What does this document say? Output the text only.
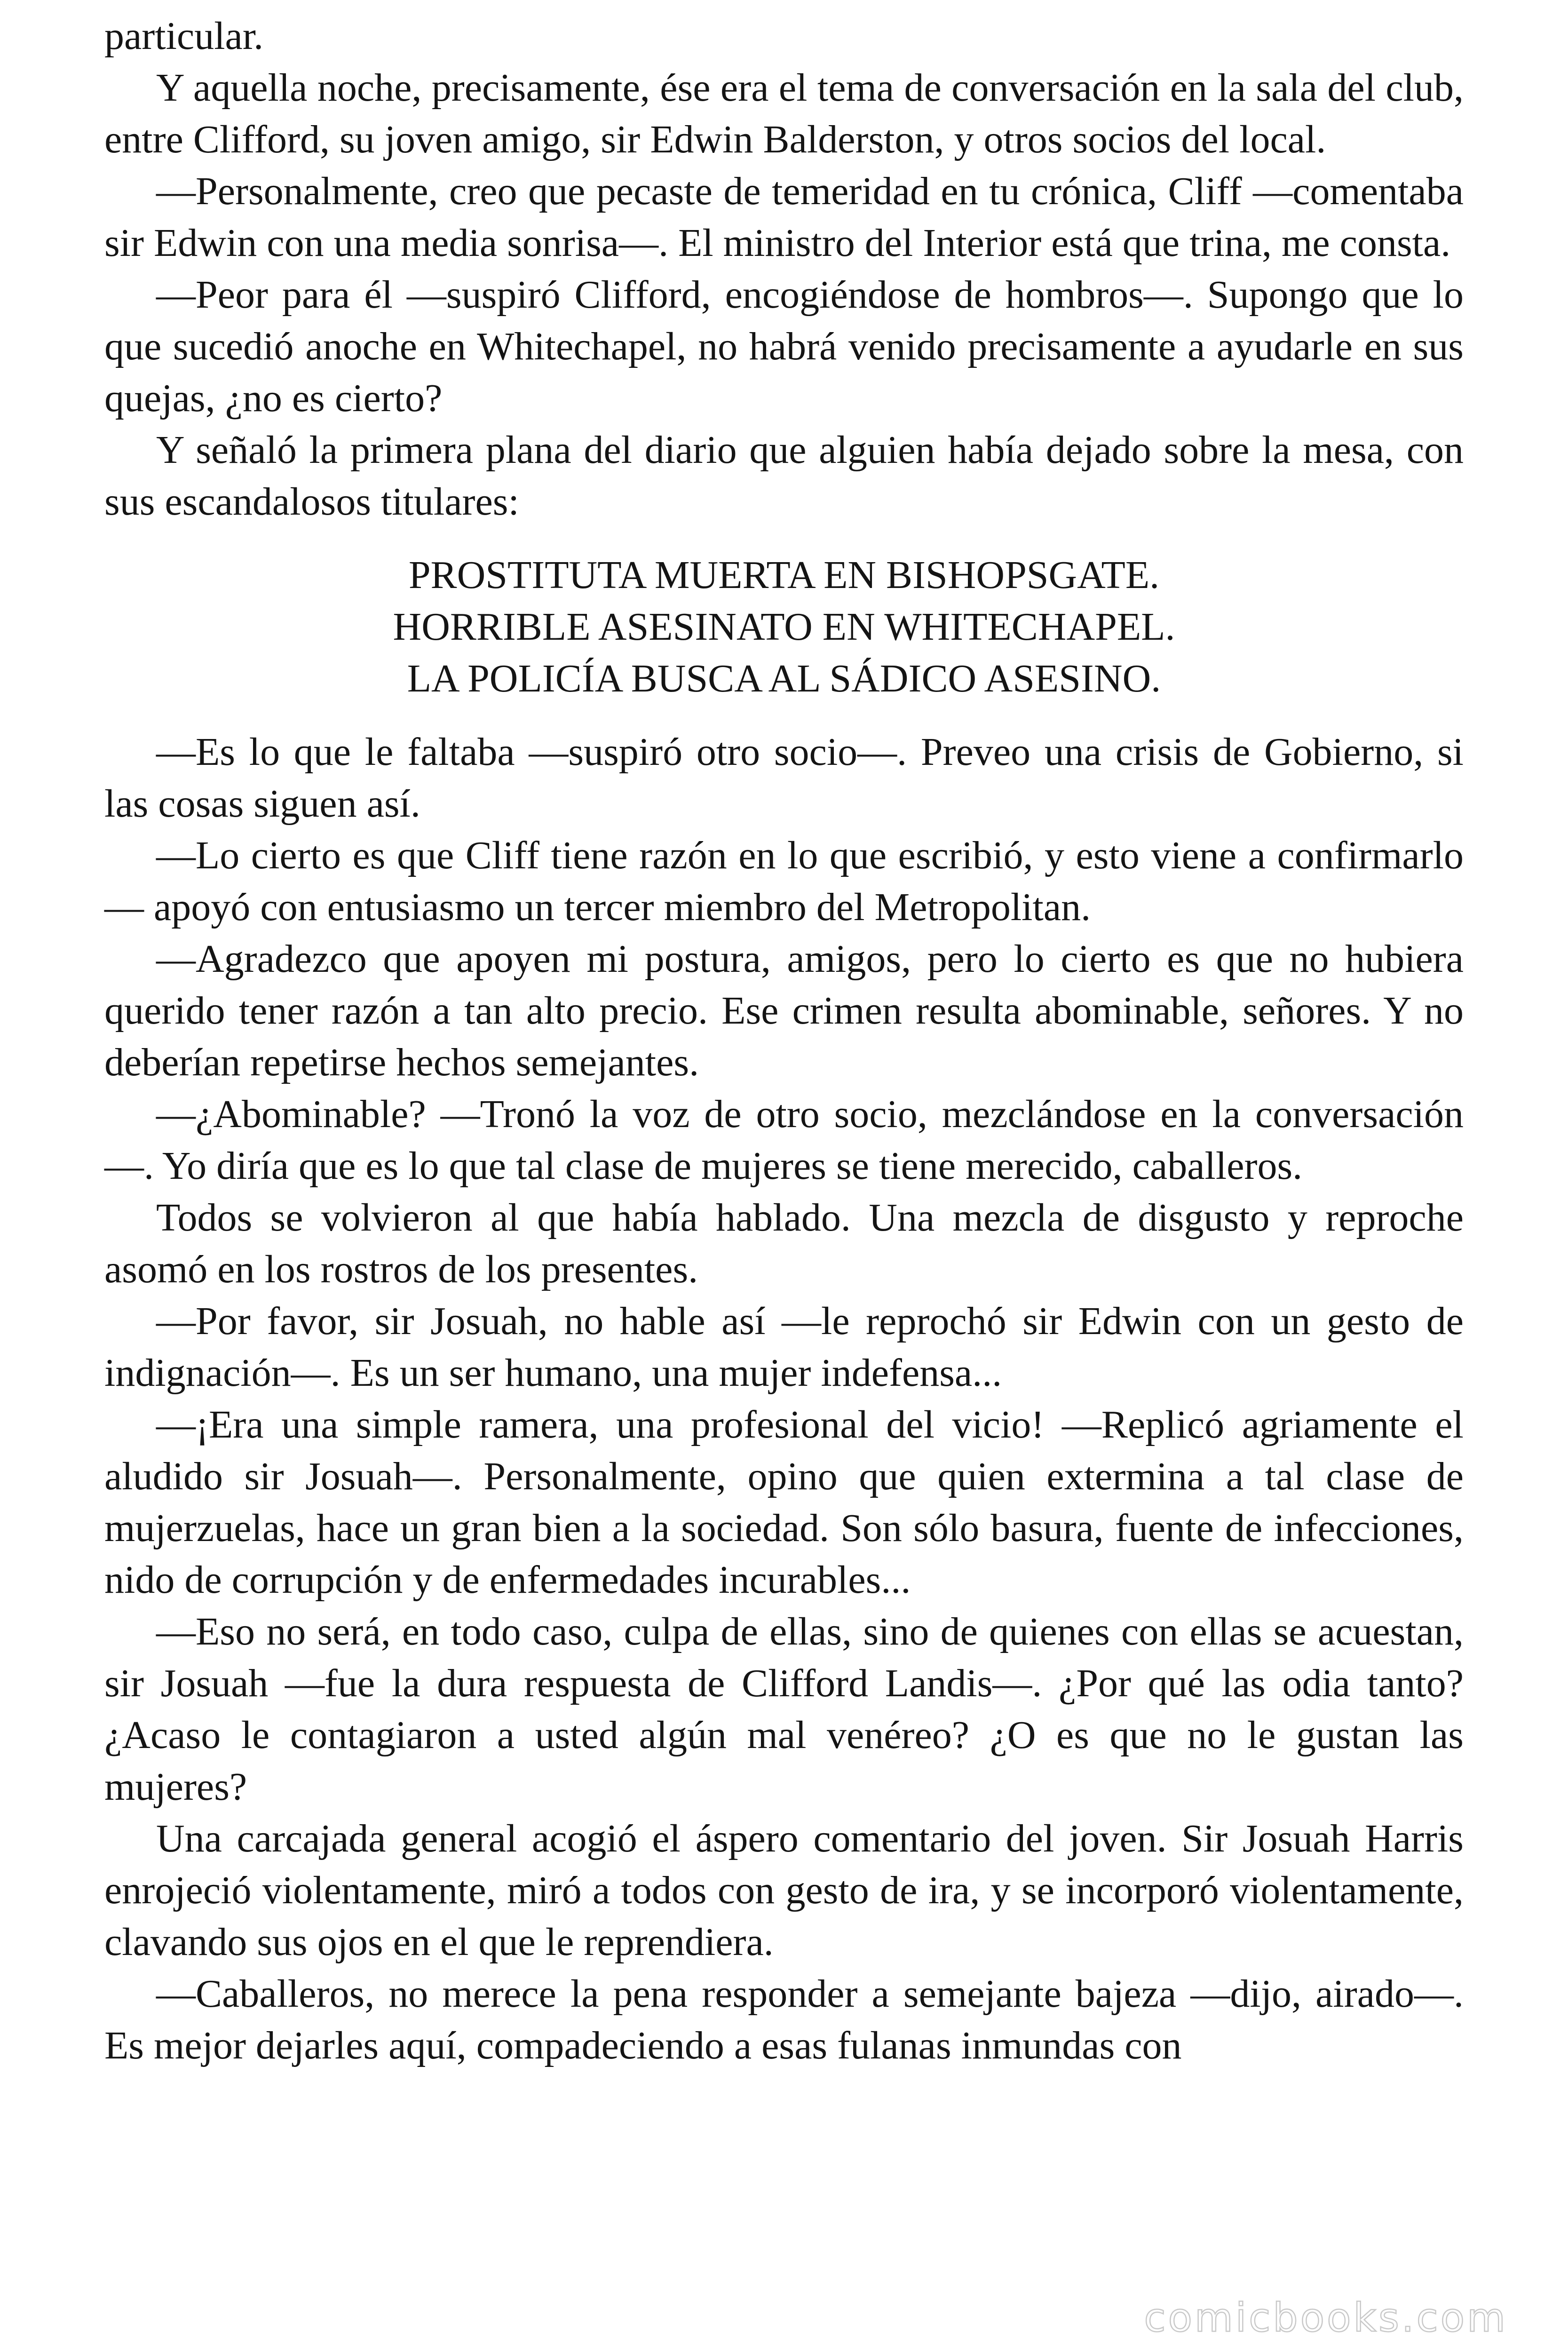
particular.

Y aquella noche, precisamente, ése era el tema de conversación en la sala del club, entre Clifford, su joven amigo, sir Edwin Balderston, y otros socios del local.

—Personalmente, creo que pecaste de temeridad en tu crónica, Cliff —comentaba sir Edwin con una media sonrisa—. El ministro del Interior está que trina, me consta.

—Peor para él —suspiró Clifford, encogiéndose de hombros—. Supongo que lo que sucedió anoche en Whitechapel, no habrá venido precisamente a ayudarle en sus quejas, ¿no es cierto?

Y señaló la primera plana del diario que alguien había dejado sobre la mesa, con sus escandalosos titulares:

PROSTITUTA MUERTA EN BISHOPSGATE.
HORRIBLE ASESINATO EN WHITECHAPEL.
LA POLICÍA BUSCA AL SÁDICO ASESINO.

—Es lo que le faltaba —suspiró otro socio—. Preveo una crisis de Gobierno, si las cosas siguen así.

—Lo cierto es que Cliff tiene razón en lo que escribió, y esto viene a confirmarlo — apoyó con entusiasmo un tercer miembro del Metropolitan.

—Agradezco que apoyen mi postura, amigos, pero lo cierto es que no hubiera querido tener razón a tan alto precio. Ese crimen resulta abominable, señores. Y no deberían repetirse hechos semejantes.

—¿Abominable? —Tronó la voz de otro socio, mezclándose en la conversación—. Yo diría que es lo que tal clase de mujeres se tiene merecido, caballeros.

Todos se volvieron al que había hablado. Una mezcla de disgusto y reproche asomó en los rostros de los presentes.

—Por favor, sir Josuah, no hable así —le reprochó sir Edwin con un gesto de indignación—. Es un ser humano, una mujer indefensa...

—¡Era una simple ramera, una profesional del vicio! —Replicó agriamente el aludido sir Josuah—. Personalmente, opino que quien extermina a tal clase de mujerzuelas, hace un gran bien a la sociedad. Son sólo basura, fuente de infecciones, nido de corrupción y de enfermedades incurables...

—Eso no será, en todo caso, culpa de ellas, sino de quienes con ellas se acuestan, sir Josuah —fue la dura respuesta de Clifford Landis—. ¿Por qué las odia tanto? ¿Acaso le contagiaron a usted algún mal venéreo? ¿O es que no le gustan las mujeres?

Una carcajada general acogió el áspero comentario del joven. Sir Josuah Harris enrojeció violentamente, miró a todos con gesto de ira, y se incorporó violentamente, clavando sus ojos en el que le reprendiera.

—Caballeros, no merece la pena responder a semejante bajeza —dijo, airado—. Es mejor dejarles aquí, compadeciendo a esas fulanas inmundas con

comicbooks.com
